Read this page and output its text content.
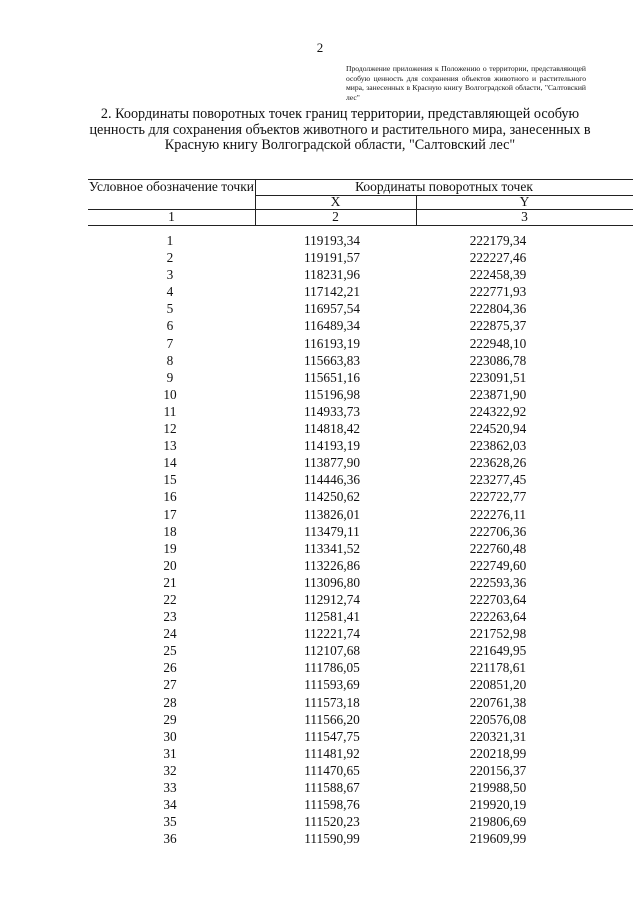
2
Продолжение приложения к Положению о территории, представляющей особую ценность для сохранения объектов животного и растительного мира, занесенных в Красную книгу Волгоградской области, "Салтовский лес"
2. Координаты поворотных точек границ территории, представляющей особую ценность для сохранения объектов животного и растительного мира, занесенных в Красную книгу Волгоградской области, "Салтовский лес"
Условное обозначение точки	Координаты поворотных точек
X	Y
1	2	3
1	119193,34	222179,34
2	119191,57	222227,46
3	118231,96	222458,39
4	117142,21	222771,93
5	116957,54	222804,36
6	116489,34	222875,37
7	116193,19	222948,10
8	115663,83	223086,78
9	115651,16	223091,51
10	115196,98	223871,90
11	114933,73	224322,92
12	114818,42	224520,94
13	114193,19	223862,03
14	113877,90	223628,26
15	114446,36	223277,45
16	114250,62	222722,77
17	113826,01	222276,11
18	113479,11	222706,36
19	113341,52	222760,48
20	113226,86	222749,60
21	113096,80	222593,36
22	112912,74	222703,64
23	112581,41	222263,64
24	112221,74	221752,98
25	112107,68	221649,95
26	111786,05	221178,61
27	111593,69	220851,20
28	111573,18	220761,38
29	111566,20	220576,08
30	111547,75	220321,31
31	111481,92	220218,99
32	111470,65	220156,37
33	111588,67	219988,50
34	111598,76	219920,19
35	111520,23	219806,69
36	111590,99	219609,99
